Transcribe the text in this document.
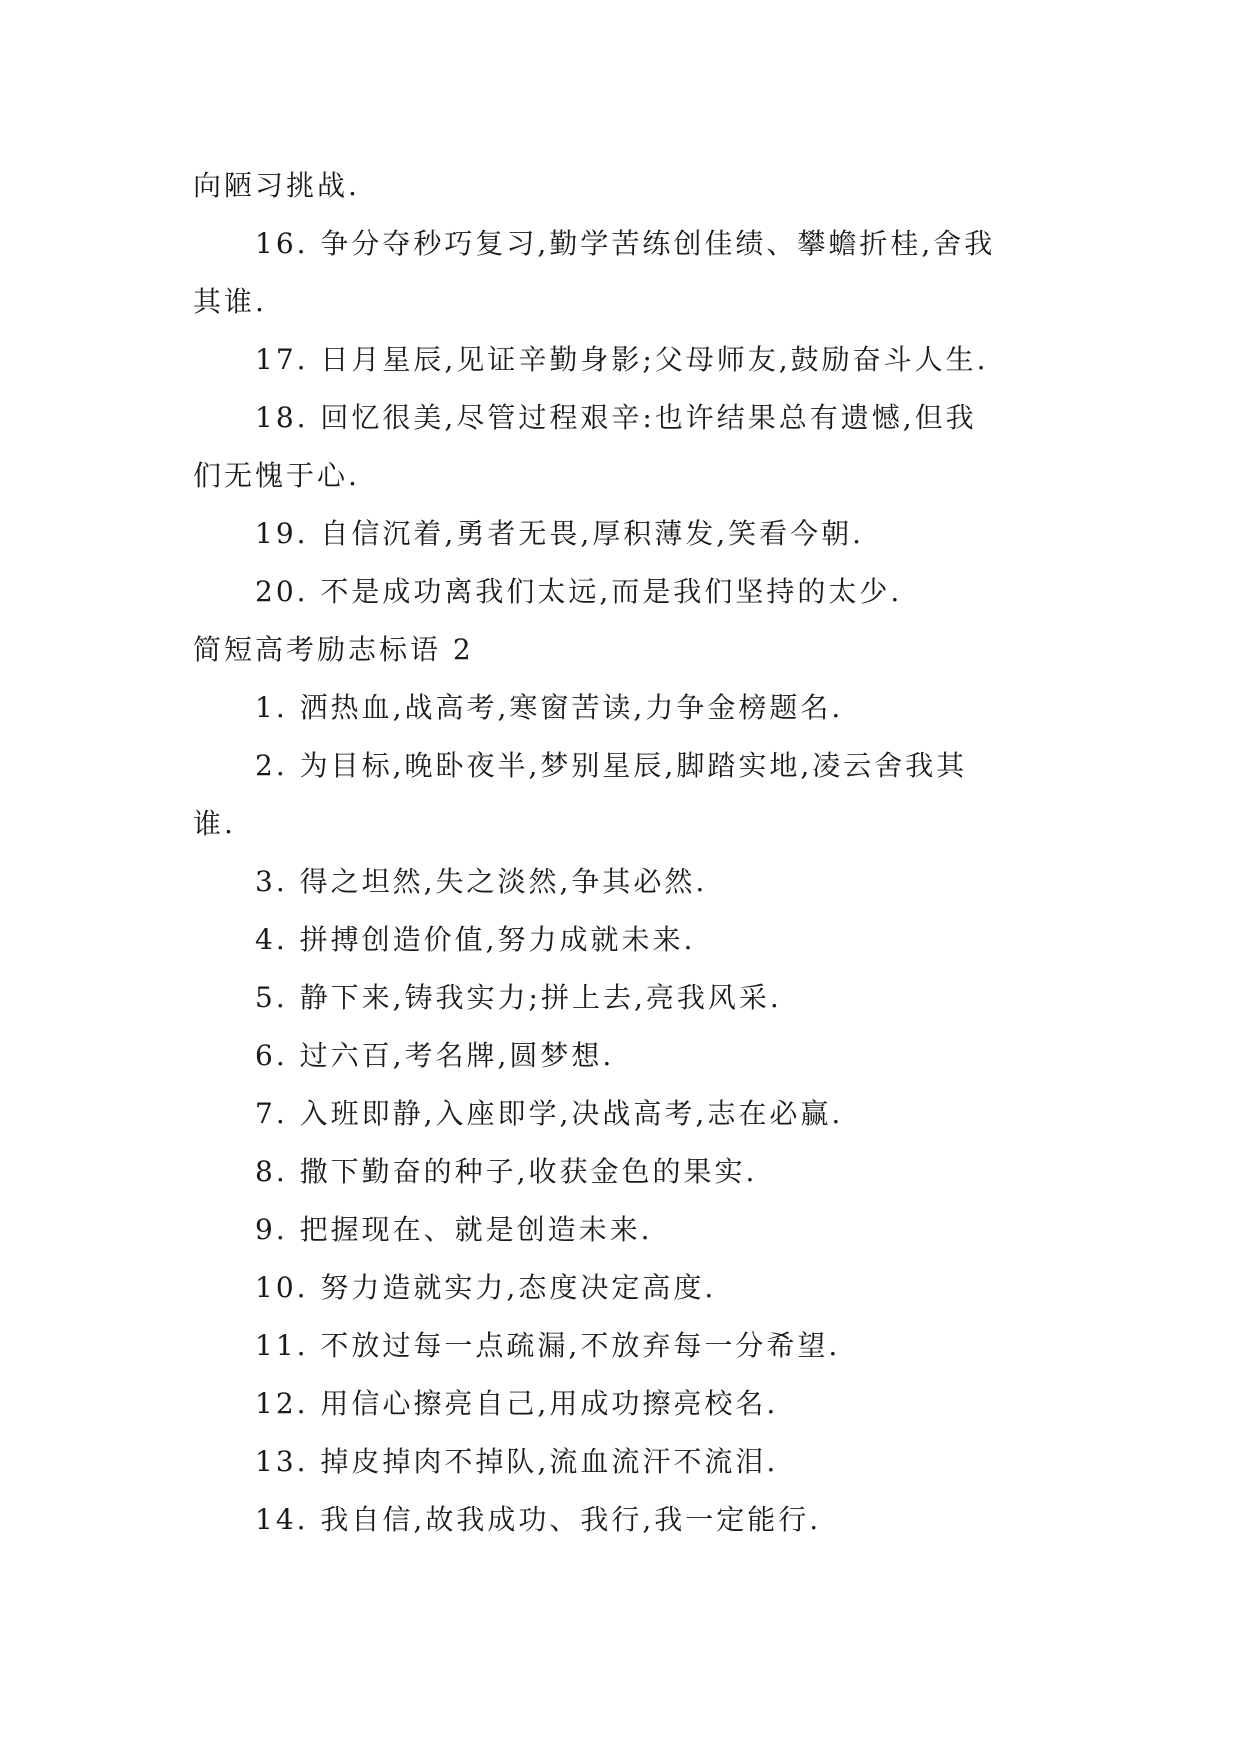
向陋习挑战.
16. 争分夺秒巧复习,勤学苦练创佳绩、攀蟾折桂,舍我
其谁.
17. 日月星辰,见证辛勤身影;父母师友,鼓励奋斗人生.
18. 回忆很美,尽管过程艰辛:也许结果总有遗憾,但我
们无愧于心.
19. 自信沉着,勇者无畏,厚积薄发,笑看今朝.
20. 不是成功离我们太远,而是我们坚持的太少.
简短高考励志标语 2
1. 洒热血,战高考,寒窗苦读,力争金榜题名.
2. 为目标,晚卧夜半,梦别星辰,脚踏实地,凌云舍我其
谁.
3. 得之坦然,失之淡然,争其必然.
4. 拼搏创造价值,努力成就未来.
5. 静下来,铸我实力;拼上去,亮我风采.
6. 过六百,考名牌,圆梦想.
7. 入班即静,入座即学,决战高考,志在必赢.
8. 撒下勤奋的种子,收获金色的果实.
9. 把握现在、就是创造未来.
10. 努力造就实力,态度决定高度.
11. 不放过每一点疏漏,不放弃每一分希望.
12. 用信心擦亮自己,用成功擦亮校名.
13. 掉皮掉肉不掉队,流血流汗不流泪.
14. 我自信,故我成功、我行,我一定能行.
